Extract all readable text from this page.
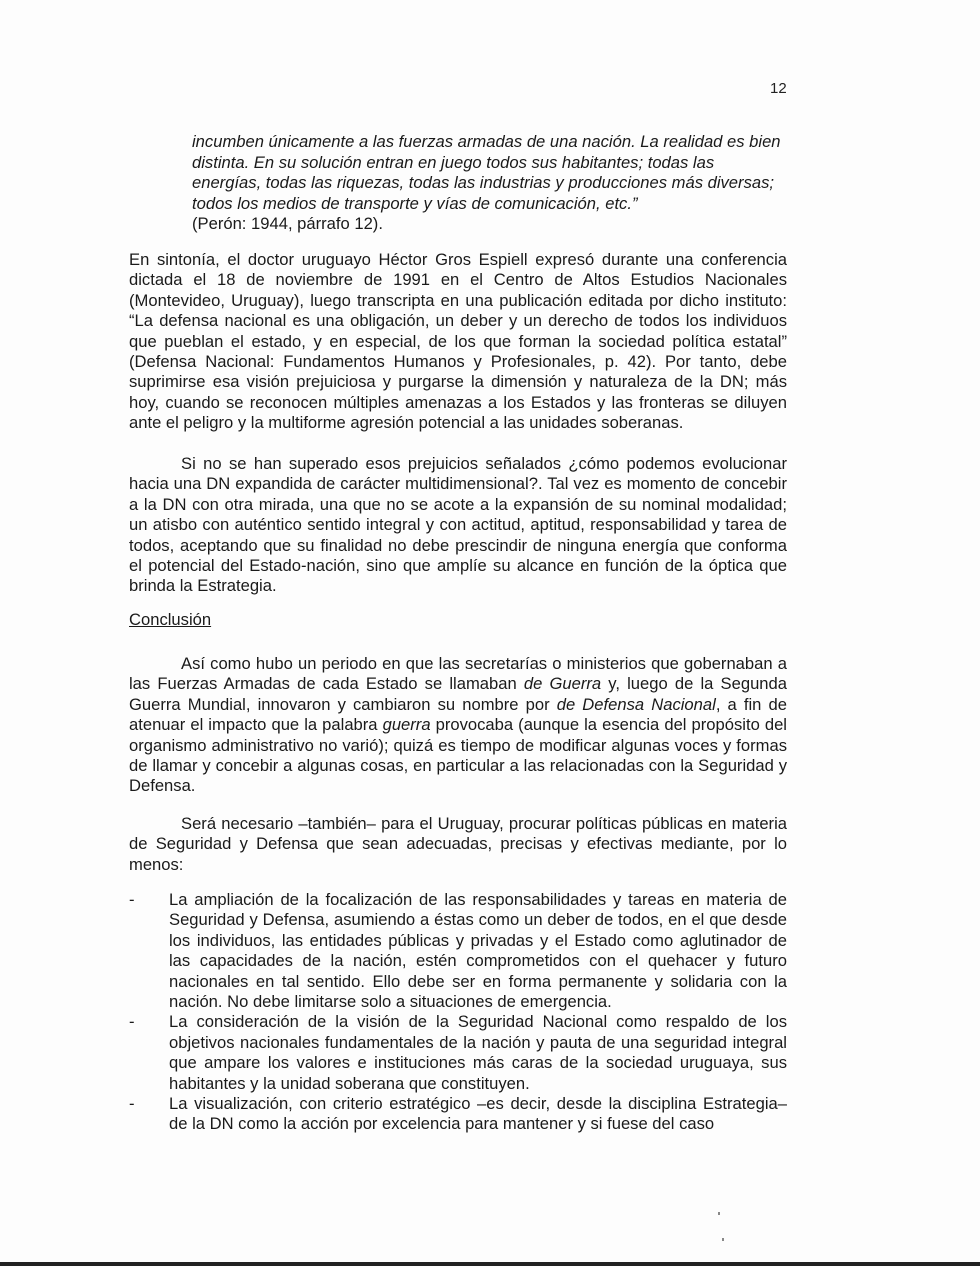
12

incumben únicamente a las fuerzas armadas de una nación. La realidad es bien distinta. En su solución entran en juego todos sus habitantes; todas las energías, todas las riquezas, todas las industrias y producciones más diversas; todos los medios de transporte y vías de comunicación, etc.”
(Perón: 1944, párrafo 12).

En sintonía, el doctor uruguayo Héctor Gros Espiell expresó durante una conferencia dictada el 18 de noviembre de 1991 en el Centro de Altos Estudios Nacionales (Montevideo, Uruguay), luego transcripta en una publicación editada por dicho instituto: “La defensa nacional es una obligación, un deber y un derecho de todos los individuos que pueblan el estado, y en especial, de los que forman la sociedad política estatal” (Defensa Nacional: Fundamentos Humanos y Profesionales, p. 42). Por tanto, debe suprimirse esa visión prejuiciosa y purgarse la dimensión y naturaleza de la DN; más hoy, cuando se reconocen múltiples amenazas a los Estados y las fronteras se diluyen ante el peligro y la multiforme agresión potencial a las unidades soberanas.

Si no se han superado esos prejuicios señalados ¿cómo podemos evolucionar hacia una DN expandida de carácter multidimensional?. Tal vez es momento de concebir a la DN con otra mirada, una que no se acote a la expansión de su nominal modalidad; un atisbo con auténtico sentido integral y con actitud, aptitud, responsabilidad y tarea de todos, aceptando que su finalidad no debe prescindir de ninguna energía que conforma el potencial del Estado-nación, sino que amplíe su alcance en función de la óptica que brinda la Estrategia.

Conclusión

Así como hubo un periodo en que las secretarías o ministerios que gobernaban a las Fuerzas Armadas de cada Estado se llamaban de Guerra y, luego de la Segunda Guerra Mundial, innovaron y cambiaron su nombre por de Defensa Nacional, a fin de atenuar el impacto que la palabra guerra provocaba (aunque la esencia del propósito del organismo administrativo no varió); quizá es tiempo de modificar algunas voces y formas de llamar y concebir a algunas cosas, en particular a las relacionadas con la Seguridad y Defensa.

Será necesario –también– para el Uruguay, procurar políticas públicas en materia de Seguridad y Defensa que sean adecuadas, precisas y efectivas mediante, por lo menos:

- La ampliación de la focalización de las responsabilidades y tareas en materia de Seguridad y Defensa, asumiendo a éstas como un deber de todos, en el que desde los individuos, las entidades públicas y privadas y el Estado como aglutinador de las capacidades de la nación, estén comprometidos con el quehacer y futuro nacionales en tal sentido. Ello debe ser en forma permanente y solidaria con la nación. No debe limitarse solo a situaciones de emergencia.
- La consideración de la visión de la Seguridad Nacional como respaldo de los objetivos nacionales fundamentales de la nación y pauta de una seguridad integral que ampare los valores e instituciones más caras de la sociedad uruguaya, sus habitantes y la unidad soberana que constituyen.
- La visualización, con criterio estratégico –es decir, desde la disciplina Estrategia– de la DN como la acción por excelencia para mantener y si fuese del caso
